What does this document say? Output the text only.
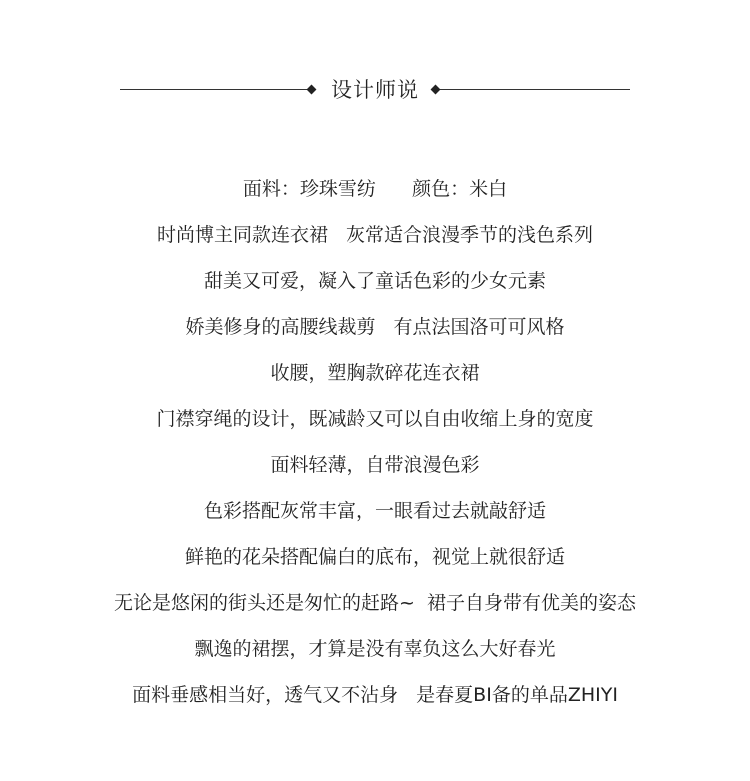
设计师说
面料：珍珠雪纺      颜色：米白
时尚博主同款连衣裙   灰常适合浪漫季节的浅色系列
甜美又可爱，凝入了童话色彩的少女元素
娇美修身的高腰线裁剪   有点法国洛可可风格
收腰，塑胸款碎花连衣裙
门襟穿绳的设计，既减龄又可以自由收缩上身的宽度
面料轻薄，自带浪漫色彩
色彩搭配灰常丰富，一眼看过去就敲舒适
鲜艳的花朵搭配偏白的底布，视觉上就很舒适
无论是悠闲的街头还是匆忙的赶路~  裙子自身带有优美的姿态
飘逸的裙摆，才算是没有辜负这么大好春光
面料垂感相当好，透气又不沾身   是春夏BI备的单品ZHIYI
